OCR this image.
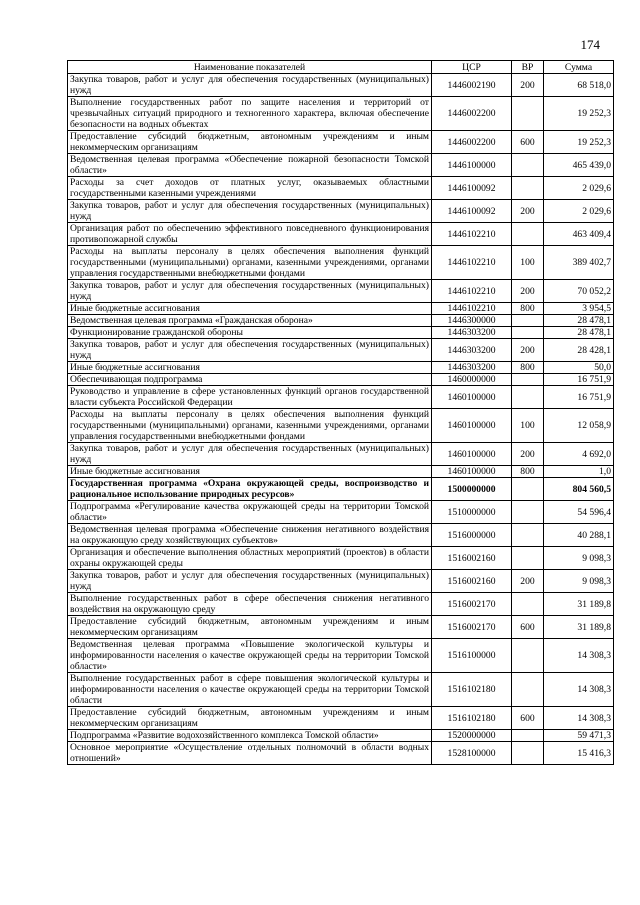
174
Наименование показателей	ЦСР	ВР	Сумма
Закупка товаров, работ и услуг для обеспечения государственных (муниципальных) нужд	1446002190	200	68 518,0
Выполнение государственных работ по защите населения и территорий от чрезвычайных ситуаций природного и техногенного характера, включая обеспечение безопасности на водных объектах	1446002200		19 252,3
Предоставление субсидий бюджетным, автономным учреждениям и иным некоммерческим организациям	1446002200	600	19 252,3
Ведомственная целевая программа «Обеспечение пожарной безопасности Томской области»	1446100000		465 439,0
Расходы за счет доходов от платных услуг, оказываемых областными государственными казенными учреждениями	1446100092		2 029,6
Закупка товаров, работ и услуг для обеспечения государственных (муниципальных) нужд	1446100092	200	2 029,6
Организация работ по обеспечению эффективного повседневного функционирования противопожарной службы	1446102210		463 409,4
Расходы на выплаты персоналу в целях обеспечения выполнения функций государственными (муниципальными) органами, казенными учреждениями, органами управления государственными внебюджетными фондами	1446102210	100	389 402,7
Закупка товаров, работ и услуг для обеспечения государственных (муниципальных) нужд	1446102210	200	70 052,2
Иные бюджетные ассигнования	1446102210	800	3 954,5
Ведомственная целевая программа «Гражданская оборона»	1446300000		28 478,1
Функционирование гражданской обороны	1446303200		28 478,1
Закупка товаров, работ и услуг для обеспечения государственных (муниципальных) нужд	1446303200	200	28 428,1
Иные бюджетные ассигнования	1446303200	800	50,0
Обеспечивающая подпрограмма	1460000000		16 751,9
Руководство и управление в сфере установленных функций органов государственной власти субъекта Российской Федерации	1460100000		16 751,9
Расходы на выплаты персоналу в целях обеспечения выполнения функций государственными (муниципальными) органами, казенными учреждениями, органами управления государственными внебюджетными фондами	1460100000	100	12 058,9
Закупка товаров, работ и услуг для обеспечения государственных (муниципальных) нужд	1460100000	200	4 692,0
Иные бюджетные ассигнования	1460100000	800	1,0
Государственная программа «Охрана окружающей среды, воспроизводство и рациональное использование природных ресурсов»	1500000000		804 560,5
Подпрограмма «Регулирование качества окружающей среды на территории Томской области»	1510000000		54 596,4
Ведомственная целевая программа «Обеспечение снижения негативного воздействия на окружающую среду хозяйствующих субъектов»	1516000000		40 288,1
Организация и обеспечение выполнения областных мероприятий (проектов) в области охраны окружающей среды	1516002160		9 098,3
Закупка товаров, работ и услуг для обеспечения государственных (муниципальных) нужд	1516002160	200	9 098,3
Выполнение государственных работ в сфере обеспечения снижения негативного воздействия на окружающую среду	1516002170		31 189,8
Предоставление субсидий бюджетным, автономным учреждениям и иным некоммерческим организациям	1516002170	600	31 189,8
Ведомственная целевая программа «Повышение экологической культуры и информированности населения о качестве окружающей среды на территории Томской области»	1516100000		14 308,3
Выполнение государственных работ в сфере повышения экологической культуры и информированности населения о качестве окружающей среды на территории Томской области	1516102180		14 308,3
Предоставление субсидий бюджетным, автономным учреждениям и иным некоммерческим организациям	1516102180	600	14 308,3
Подпрограмма «Развитие водохозяйственного комплекса Томской области»	1520000000		59 471,3
Основное мероприятие «Осуществление отдельных полномочий в области водных отношений»	1528100000		15 416,3
